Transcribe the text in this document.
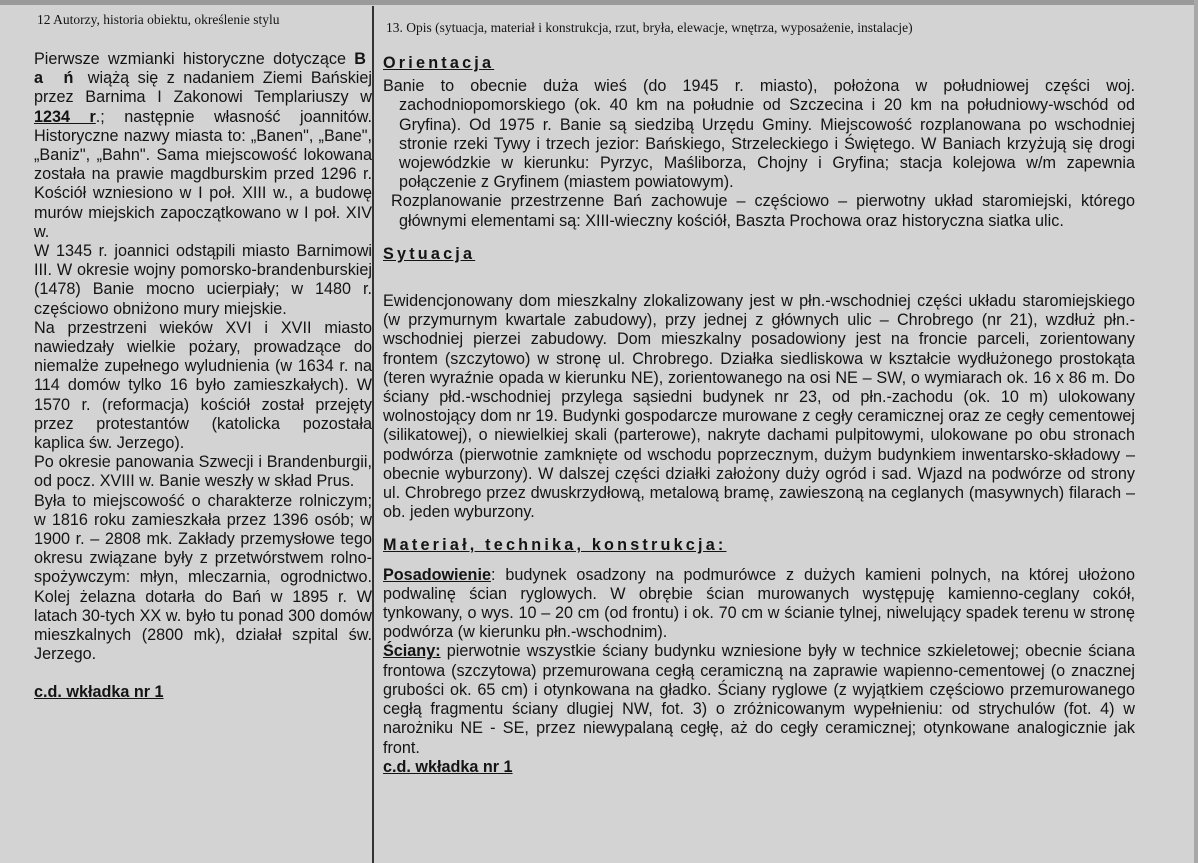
12 Autorzy, historia obiektu, określenie stylu
13. Opis (sytuacja, materiał i konstrukcja, rzut, bryła, elewacje, wnętrza, wyposażenie, instalacje)

Pierwsze wzmianki historyczne dotyczące B a ń wiążą się z nadaniem Ziemi Bańskiej przez Barnima I Zakonowi Templariuszy w 1234 r.; następnie własność joannitów. Historyczne nazwy miasta to: „Banen", „Bane", „Baniz", „Bahn". Sama miejscowość lokowana została na prawie magdburskim przed 1296 r. Kościół wzniesiono w I poł. XIII w., a budowę murów miejskich zapoczątkowano w I poł. XIV w.

W 1345 r. joannici odstąpili miasto Barnimowi III. W okresie wojny pomorsko-brandenburskiej (1478) Banie mocno ucierpiały; w 1480 r. częściowo obniżono mury miejskie.

Na przestrzeni wieków XVI i XVII miasto nawiedzały wielkie pożary, prowadzące do niemalże zupełnego wyludnienia (w 1634 r. na 114 domów tylko 16 było zamieszkałych). W 1570 r. (reformacja) kościół został przejęty przez protestantów (katolicka pozostała kaplica św. Jerzego).

Po okresie panowania Szwecji i Brandenburgii, od pocz. XVIII w. Banie weszły w skład Prus.

Była to miejscowość o charakterze rolniczym; w 1816 roku zamieszkała przez 1396 osób; w 1900 r. – 2808 mk. Zakłady przemysłowe tego okresu związane były z przetwórstwem rolno-spożywczym: młyn, mleczarnia, ogrodnictwo. Kolej żelazna dotarła do Bań w 1895 r. W latach 30-tych XX w. było tu ponad 300 domów mieszkalnych (2800 mk), działał szpital św. Jerzego.

c.d. wkładka nr 1

Orientacja

Banie to obecnie duża wieś (do 1945 r. miasto), położona w południowej części woj. zachodniopomorskiego (ok. 40 km na południe od Szczecina i 20 km na południowy-wschód od Gryfina). Od 1975 r. Banie są siedzibą Urzędu Gminy. Miejscowość rozplanowana po wschodniej stronie rzeki Tywy i trzech jezior: Bańskiego, Strzeleckiego i Świętego. W Baniach krzyżują się drogi wojewódzkie w kierunku: Pyrzyc, Maśliborza, Chojny i Gryfina; stacja kolejowa w/m zapewnia połączenie z Gryfinem (miastem powiatowym).

Rozplanowanie przestrzenne Bań zachowuje – częściowo – pierwotny układ staromiejski, którego głównymi elementami są: XIII-wieczny kościół, Baszta Prochowa oraz historyczna siatka ulic.

Sytuacja

Ewidencjonowany dom mieszkalny zlokalizowany jest w płn.-wschodniej części układu staromiejskiego (w przymurnym kwartale zabudowy), przy jednej z głównych ulic – Chrobrego (nr 21), wzdłuż płn.-wschodniej pierzei zabudowy. Dom mieszkalny posadowiony jest na froncie parceli, zorientowany frontem (szczytowo) w stronę ul. Chrobrego. Działka siedliskowa w kształcie wydłużonego prostokąta (teren wyraźnie opada w kierunku NE), zorientowanego na osi NE – SW, o wymiarach ok. 16 x 86 m. Do ściany płd.-wschodniej przylega sąsiedni budynek nr 23, od płn.-zachodu (ok. 10 m) ulokowany wolnostojący dom nr 19. Budynki gospodarcze murowane z cegły ceramicznej oraz ze cegły cementowej (silikatowej), o niewielkiej skali (parterowe), nakryte dachami pulpitowymi, ulokowane po obu stronach podwórza (pierwotnie zamknięte od wschodu poprzecznym, dużym budynkiem inwentarsko-składowy – obecnie wyburzony). W dalszej części działki założony duży ogród i sad. Wjazd na podwórze od strony ul. Chrobrego przez dwuskrzydłową, metalową bramę, zawieszoną na ceglanych (masywnych) filarach – ob. jeden wyburzony.

Materiał, technika, konstrukcja:

Posadowienie: budynek osadzony na podmurówce z dużych kamieni polnych, na której ułożono podwalinę ścian ryglowych. W obrębie ścian murowanych występuję kamienno-ceglany cokół, tynkowany, o wys. 10 – 20 cm (od frontu) i ok. 70 cm w ścianie tylnej, niwelujący spadek terenu w stronę podwórza (w kierunku płn.-wschodnim).

Ściany: pierwotnie wszystkie ściany budynku wzniesione były w technice szkieletowej; obecnie ściana frontowa (szczytowa) przemurowana cegłą ceramiczną na zaprawie wapienno-cementowej (o znacznej grubości ok. 65 cm) i otynkowana na gładko. Ściany ryglowe (z wyjątkiem częściowo przemurowanego cegłą fragmentu ściany dlugiej NW, fot. 3) o zróżnicowanym wypełnieniu: od strychulów (fot. 4) w narożniku NE - SE, przez niewypalaną cegłę, aż do cegły ceramicznej; otynkowane analogicznie jak front.

c.d. wkładka nr 1
